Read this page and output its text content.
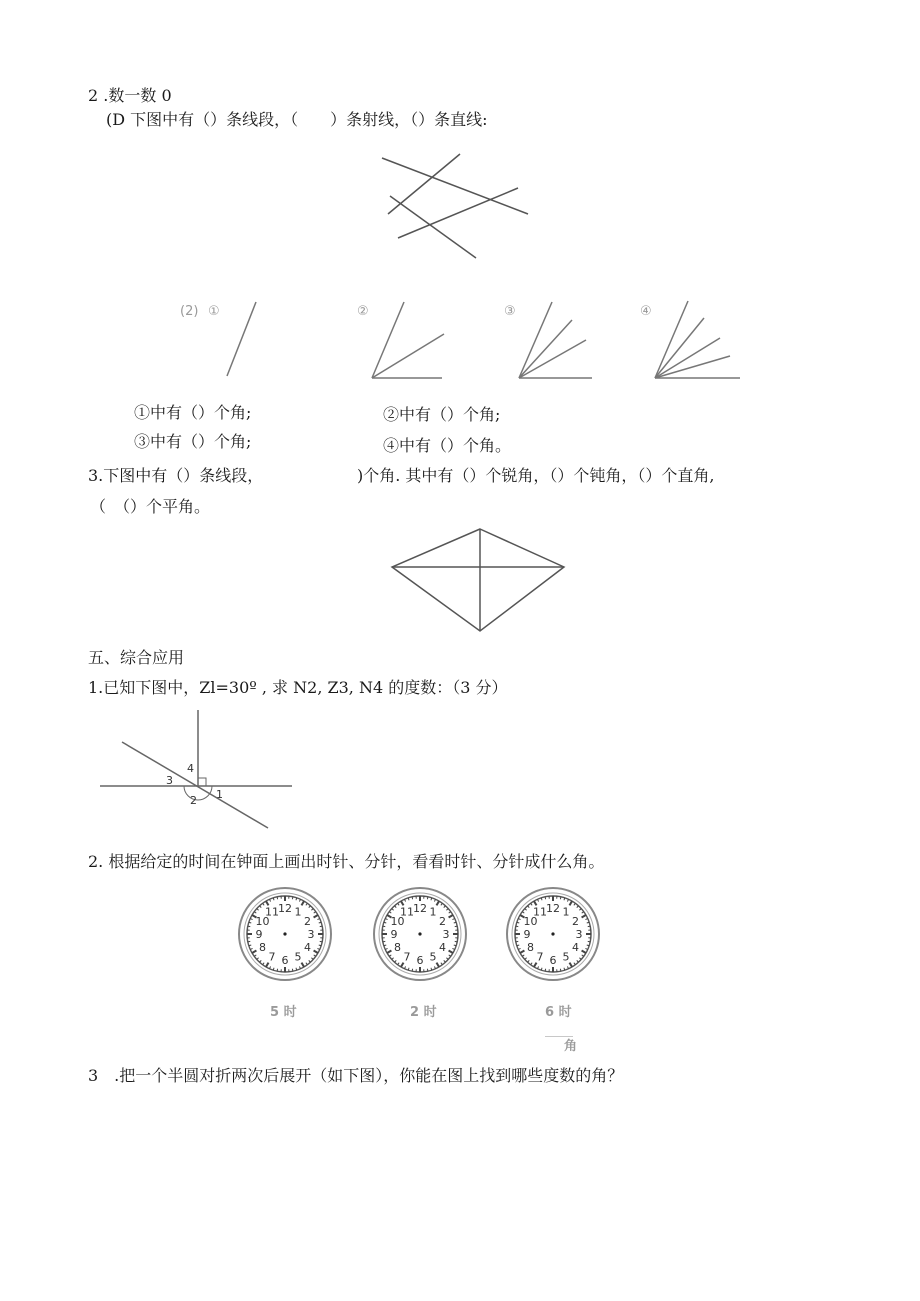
2 .数一数 0
(D 下图中有（）条线段，（　　）条射线，（）条直线:
(2) ①	②	③	④
①中有（）个角;	②中有（）个角;
③中有（）个角;	④中有（）个角。
3.下图中有（）条线段，	)个角. 其中有（）个锐角，（）个钝角，（）个直角,
（　（）个平角。
五、综合应用
1.已知下图中，Zl=30º , 求 N2, Z3, N4 的度数：（3 分）
1
2
3
4
2. 根据给定的时间在钟面上画出时针、分针，看看时针、分针成什么角。
12 1
2
3
4
5
6
7
8
9
10
11	12 1
2
3
4
5
6
7
8
9
10
11	12 1
2
3
4
5
6
7
8
9
10
11
5 时	2 时	6 时
角
3　.把一个半圆对折两次后展开（如下图），你能在图上找到哪些度数的角？
